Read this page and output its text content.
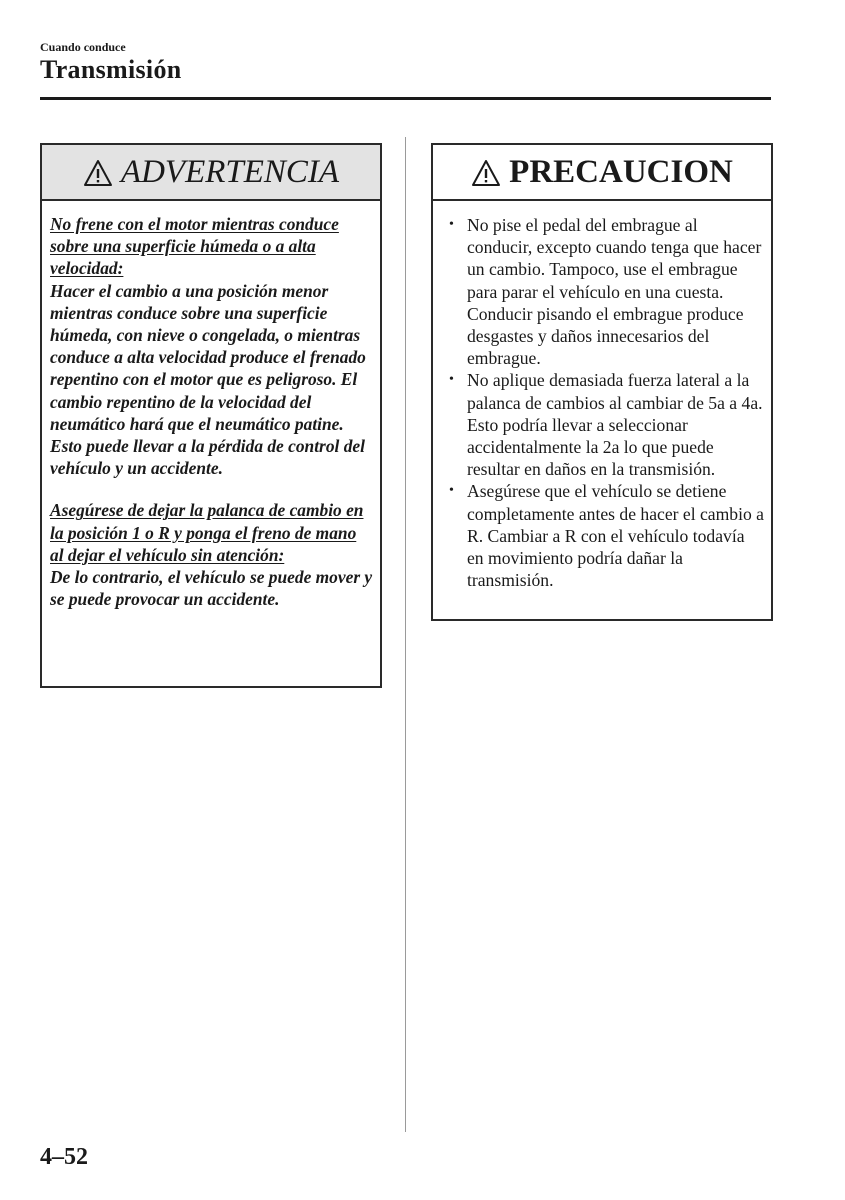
Cuando conduce
Transmisión
ADVERTENCIA
No frene con el motor mientras conduce sobre una superficie húmeda o a alta velocidad:
Hacer el cambio a una posición menor mientras conduce sobre una superficie húmeda, con nieve o congelada, o mientras conduce a alta velocidad produce el frenado repentino con el motor que es peligroso. El cambio repentino de la velocidad del neumático hará que el neumático patine. Esto puede llevar a la pérdida de control del vehículo y un accidente.
Asegúrese de dejar la palanca de cambio en la posición 1 o R y ponga el freno de mano al dejar el vehículo sin atención:
De lo contrario, el vehículo se puede mover y se puede provocar un accidente.
PRECAUCION
• No pise el pedal del embrague al conducir, excepto cuando tenga que hacer un cambio. Tampoco, use el embrague para parar el vehículo en una cuesta. Conducir pisando el embrague produce desgastes y daños innecesarios del embrague.
• No aplique demasiada fuerza lateral a la palanca de cambios al cambiar de 5a a 4a. Esto podría llevar a seleccionar accidentalmente la 2a lo que puede resultar en daños en la transmisión.
• Asegúrese que el vehículo se detiene completamente antes de hacer el cambio a R. Cambiar a R con el vehículo todavía en movimiento podría dañar la transmisión.
4–52
